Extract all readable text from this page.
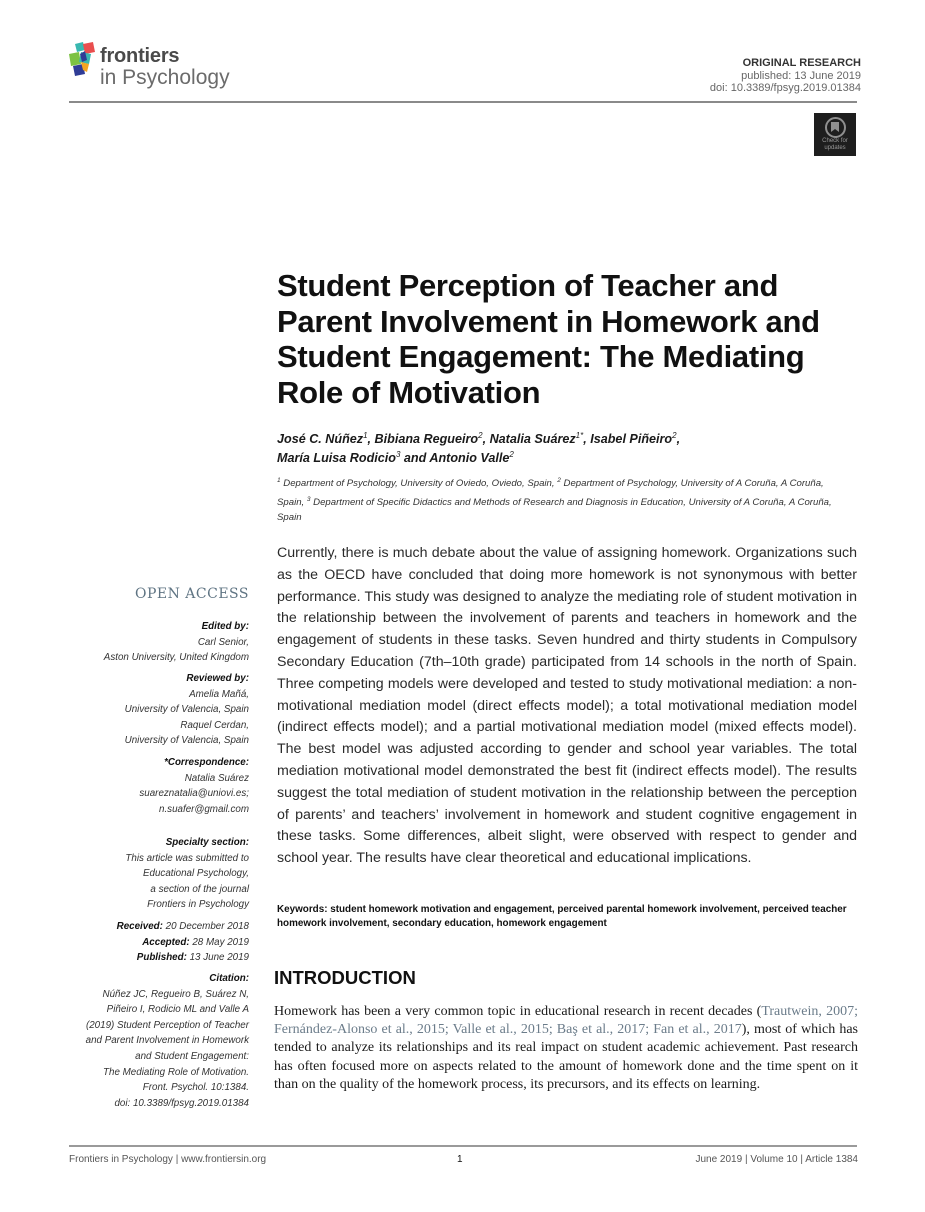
frontiers
in Psychology
ORIGINAL RESEARCH
published: 13 June 2019
doi: 10.3389/fpsyg.2019.01384
Check for updates
Student Perception of Teacher and Parent Involvement in Homework and Student Engagement: The Mediating Role of Motivation
José C. Núñez$^1$, Bibiana Regueiro$^2$, Natalia Suárez$^{1*}$, Isabel Piñeiro$^2$,
María Luisa Rodicio$^3$ and Antonio Valle$^2$
$^1$ Department of Psychology, University of Oviedo, Oviedo, Spain, $^2$ Department of Psychology, University of A Coruña, A Coruña, Spain, $^3$ Department of Specific Didactics and Methods of Research and Diagnosis in Education, University of A Coruña, A Coruña, Spain
OPEN ACCESS
Edited by:
Carl Senior,
Aston University, United Kingdom
Reviewed by:
Amelia Mañá,
University of Valencia, Spain
Raquel Cerdan,
University of Valencia, Spain
*Correspondence:
Natalia Suárez
suareznatalia@uniovi.es;
n.suafer@gmail.com
Specialty section:
This article was submitted to
Educational Psychology,
a section of the journal
Frontiers in Psychology
Received: 20 December 2018
Accepted: 28 May 2019
Published: 13 June 2019
Citation:
Núñez JC, Regueiro B, Suárez N,
Piñeiro I, Rodicio ML and Valle A
(2019) Student Perception of Teacher
and Parent Involvement in Homework
and Student Engagement:
The Mediating Role of Motivation.
Front. Psychol. 10:1384.
doi: 10.3389/fpsyg.2019.01384
Currently, there is much debate about the value of assigning homework. Organizations such as the OECD have concluded that doing more homework is not synonymous with better performance. This study was designed to analyze the mediating role of student motivation in the relationship between the involvement of parents and teachers in homework and the engagement of students in these tasks. Seven hundred and thirty students in Compulsory Secondary Education (7th–10th grade) participated from 14 schools in the north of Spain. Three competing models were developed and tested to study motivational mediation: a non-motivational mediation model (direct effects model); a total motivational mediation model (indirect effects model); and a partial motivational mediation model (mixed effects model). The best model was adjusted according to gender and school year variables. The total mediation motivational model demonstrated the best fit (indirect effects model). The results suggest the total mediation of student motivation in the relationship between the perception of parents’ and teachers’ involvement in homework and student cognitive engagement in these tasks. Some differences, albeit slight, were observed with respect to gender and school year. The results have clear theoretical and educational implications.
Keywords: student homework motivation and engagement, perceived parental homework involvement, perceived teacher homework involvement, secondary education, homework engagement
INTRODUCTION
Homework has been a very common topic in educational research in recent decades (Trautwein, 2007; Fernández-Alonso et al., 2015; Valle et al., 2015; Baş et al., 2017; Fan et al., 2017), most of which has tended to analyze its relationships and its real impact on student academic achievement. Past research has often focused more on aspects related to the amount of homework done and the time spent on it than on the quality of the homework process, its precursors, and its effects on learning.
Frontiers in Psychology | www.frontiersin.org	1	June 2019 | Volume 10 | Article 1384
